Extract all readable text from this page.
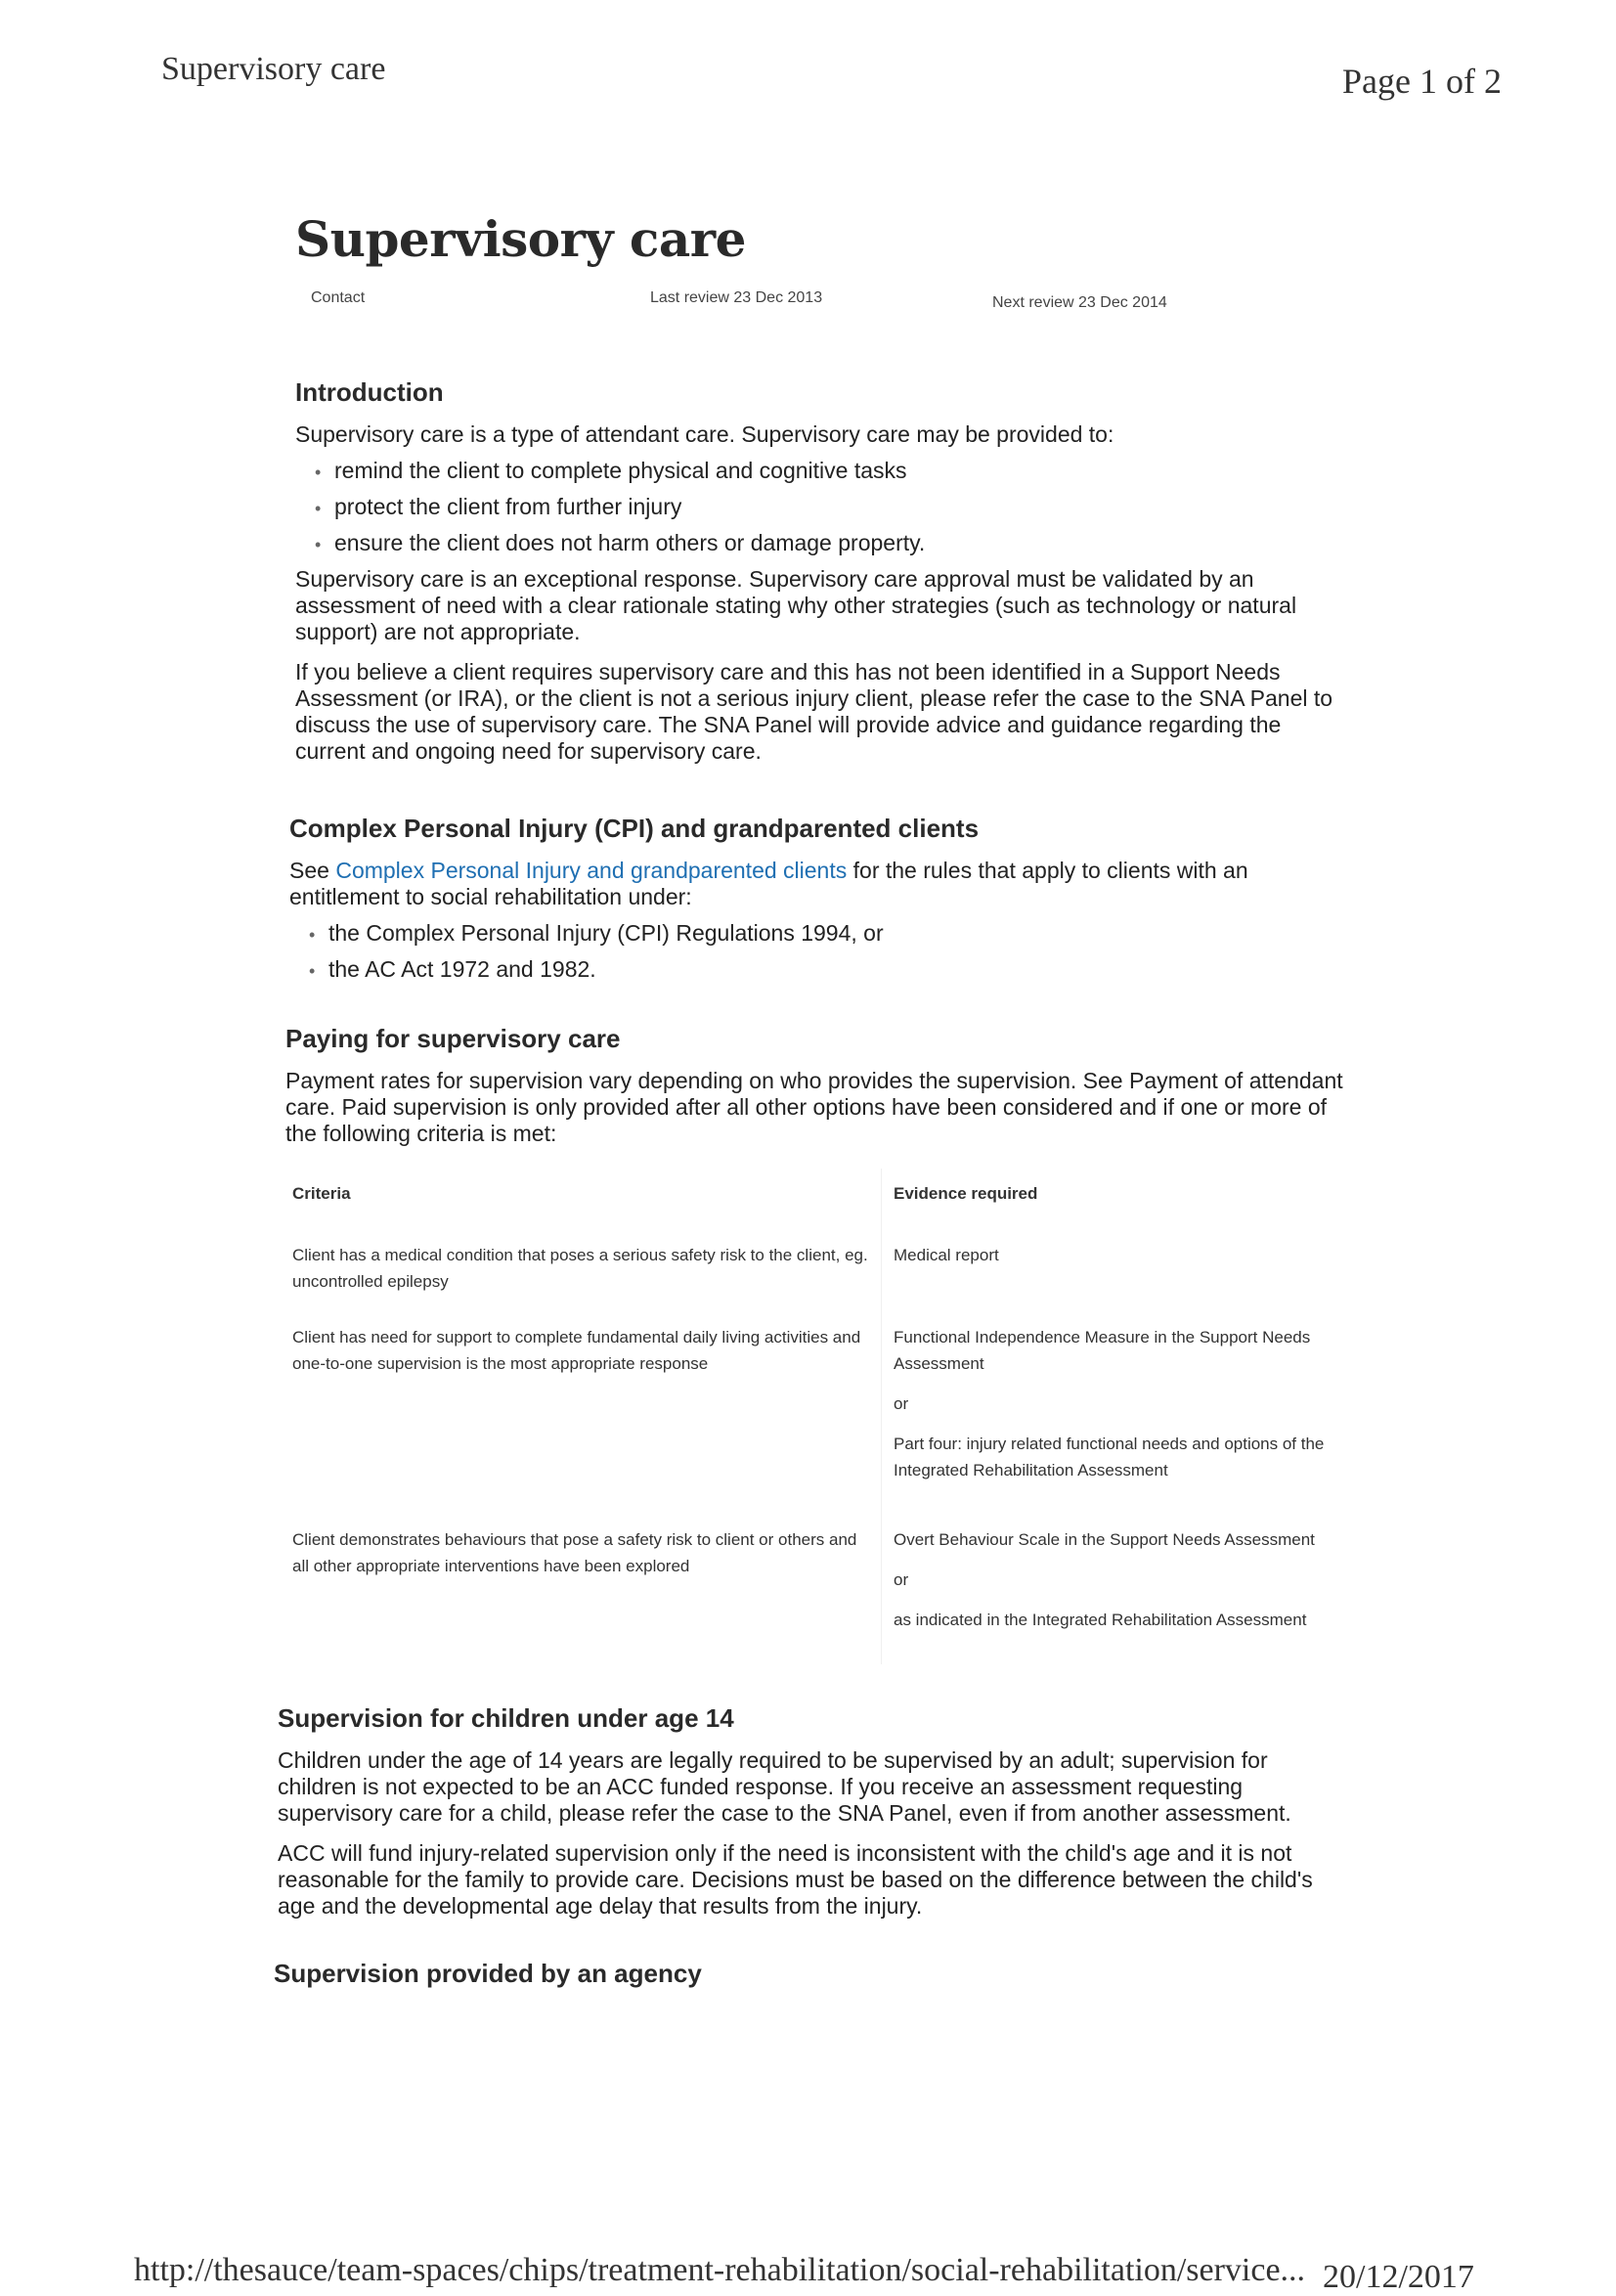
Supervisory care	Page 1 of 2
Supervisory care
Contact	Last review 23 Dec 2013	Next review 23 Dec 2014
Introduction

Supervisory care is a type of attendant care. Supervisory care may be provided to:

• remind the client to complete physical and cognitive tasks
• protect the client from further injury
• ensure the client does not harm others or damage property.

Supervisory care is an exceptional response. Supervisory care approval must be validated by an assessment of need with a clear rationale stating why other strategies (such as technology or natural support) are not appropriate.

If you believe a client requires supervisory care and this has not been identified in a Support Needs Assessment (or IRA), or the client is not a serious injury client, please refer the case to the SNA Panel to discuss the use of supervisory care. The SNA Panel will provide advice and guidance regarding the current and ongoing need for supervisory care.

Complex Personal Injury (CPI) and grandparented clients

See Complex Personal Injury and grandparented clients for the rules that apply to clients with an entitlement to social rehabilitation under:

• the Complex Personal Injury (CPI) Regulations 1994, or
• the AC Act 1972 and 1982.
Paying for supervisory care

Payment rates for supervision vary depending on who provides the supervision. See Payment of attendant care. Paid supervision is only provided after all other options have been considered and if one or more of the following criteria is met:

Criteria	Evidence required
Client has a medical condition that poses a serious safety risk to the client, eg. uncontrolled epilepsy	Medical report

Client has need for support to complete fundamental daily living activities and one-to-one supervision is the most appropriate response	Functional Independence Measure in the Support Needs Assessment
or
Part four: injury related functional needs and options of the Integrated Rehabilitation Assessment

Client demonstrates behaviours that pose a safety risk to client or others and all other appropriate interventions have been explored	Overt Behaviour Scale in the Support Needs Assessment
or
as indicated in the Integrated Rehabilitation Assessment
Supervision for children under age 14

Children under the age of 14 years are legally required to be supervised by an adult; supervision for children is not expected to be an ACC funded response. If you receive an assessment requesting supervisory care for a child, please refer the case to the SNA Panel, even if from another assessment.

ACC will fund injury-related supervision only if the need is inconsistent with the child's age and it is not reasonable for the family to provide care. Decisions must be based on the difference between the child's age and the developmental age delay that results from the injury.

Supervision provided by an agency
http://thesauce/team-spaces/chips/treatment-rehabilitation/social-rehabilitation/service... 20/12/2017
